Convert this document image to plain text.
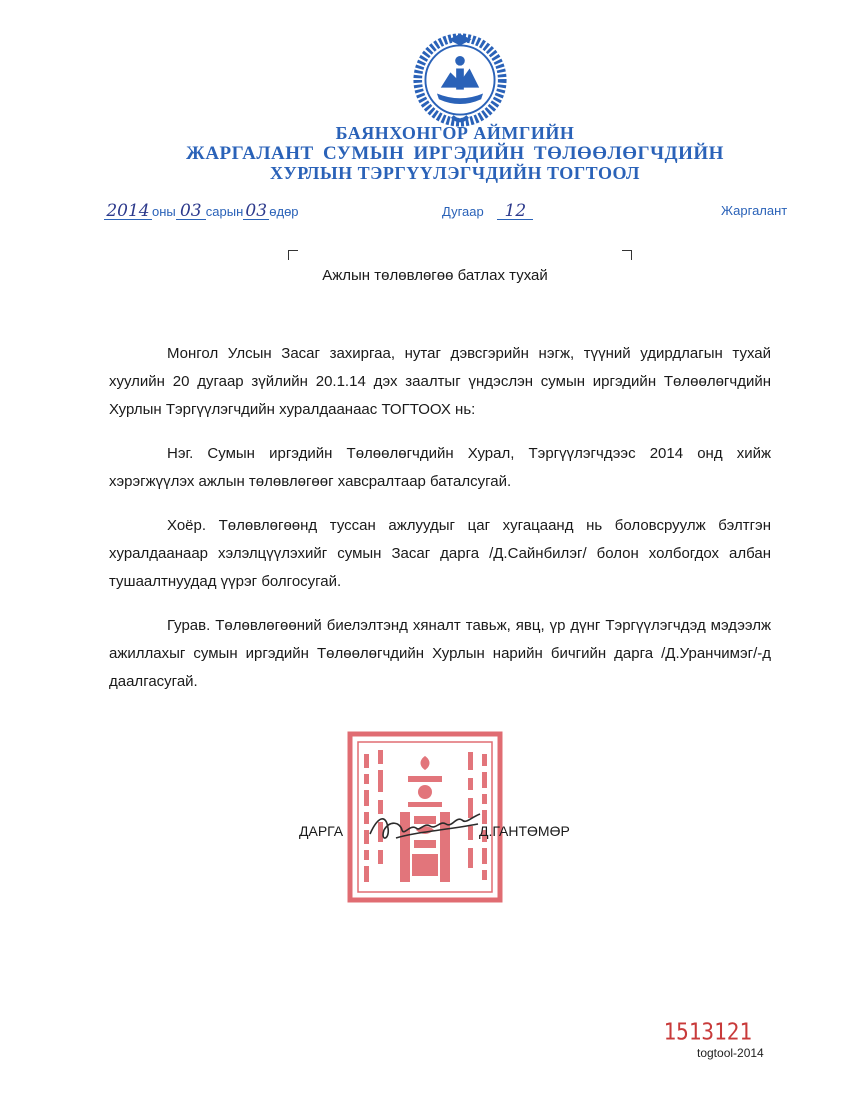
БАЯНХОНГОР АЙМГИЙН
ЖАРГАЛАНТ СУМЫН ИРГЭДИЙН ТӨЛӨӨЛӨГЧДИЙН
ХУРЛЫН ТЭРГҮҮЛЭГЧДИЙН ТОГТООЛ
2014 оны 03 сарын 03 өдөр	Дугаар 12	Жаргалант
Ажлын төлөвлөгөө батлах тухай
Монгол Улсын Засаг захиргаа, нутаг дэвсгэрийн нэгж, түүний удирдлагын тухай хуулийн 20 дугаар зүйлийн 20.1.14 дэх заалтыг үндэслэн сумын иргэдийн Төлөөлөгчдийн Хурлын Тэргүүлэгчдийн хуралдаанаас ТОГТООХ нь:
Нэг. Сумын иргэдийн Төлөөлөгчдийн Хурал, Тэргүүлэгчдээс 2014 онд хийж хэрэгжүүлэх ажлын төлөвлөгөөг хавсралтаар баталсугай.
Хоёр. Төлөвлөгөөнд туссан ажлуудыг цаг хугацаанд нь боловсруулж бэлтгэн хуралдаанаар хэлэлцүүлэхийг сумын Засаг дарга /Д.Сайнбилэг/ болон холбогдох албан тушаалтнуудад үүрэг болгосугай.
Гурав. Төлөвлөгөөний биелэлтэнд хяналт тавьж, явц, үр дүнг Тэргүүлэгчдэд мэдээлж ажиллахыг сумын иргэдийн Төлөөлөгчдийн Хурлын нарийн бичгийн дарга /Д.Уранчимэг/-д даалгасугай.
ДАРГА	Д.ГАНТӨМӨР
1513121
togtool-2014
